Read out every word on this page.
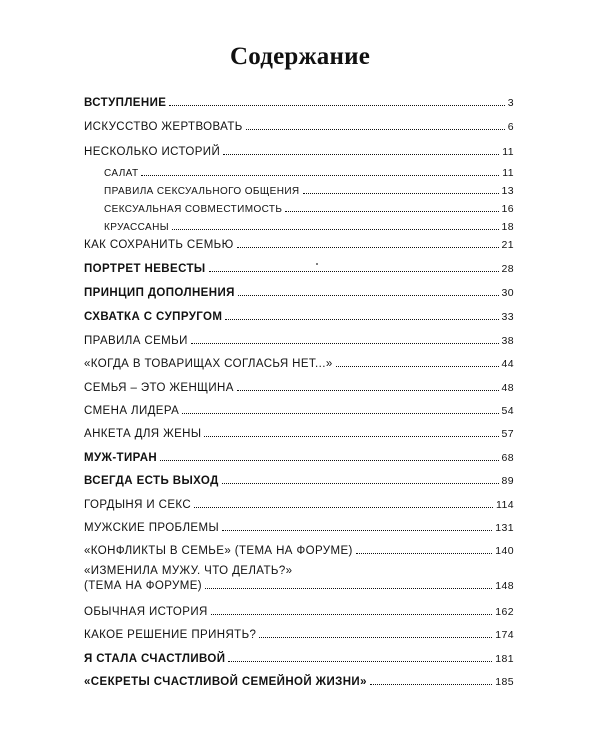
Содержание
ВСТУПЛЕНИЕ	3
ИСКУССТВО ЖЕРТВОВАТЬ	6
НЕСКОЛЬКО ИСТОРИЙ	11
САЛАТ	11
ПРАВИЛА СЕКСУАЛЬНОГО ОБЩЕНИЯ	13
СЕКСУАЛЬНАЯ СОВМЕСТИМОСТЬ	16
КРУАССАНЫ	18
КАК СОХРАНИТЬ СЕМЬЮ	21
ПОРТРЕТ НЕВЕСТЫ	28
ПРИНЦИП ДОПОЛНЕНИЯ	30
СХВАТКА С СУПРУГОМ	33
ПРАВИЛА СЕМЬИ	38
«КОГДА В ТОВАРИЩАХ СОГЛАСЬЯ НЕТ...»	44
СЕМЬЯ – ЭТО ЖЕНЩИНА	48
СМЕНА ЛИДЕРА	54
АНКЕТА ДЛЯ ЖЕНЫ	57
МУЖ-ТИРАН	68
ВСЕГДА ЕСТЬ ВЫХОД	89
ГОРДЫНЯ И СЕКС	114
МУЖСКИЕ ПРОБЛЕМЫ	131
«КОНФЛИКТЫ В СЕМЬЕ» (ТЕМА НА ФОРУМЕ)	140
«ИЗМЕНИЛА МУЖУ. ЧТО ДЕЛАТЬ?»
(ТЕМА НА ФОРУМЕ)	148
ОБЫЧНАЯ ИСТОРИЯ	162
КАКОЕ РЕШЕНИЕ ПРИНЯТЬ?	174
Я СТАЛА СЧАСТЛИВОЙ	181
«СЕКРЕТЫ СЧАСТЛИВОЙ СЕМЕЙНОЙ ЖИЗНИ»	185
